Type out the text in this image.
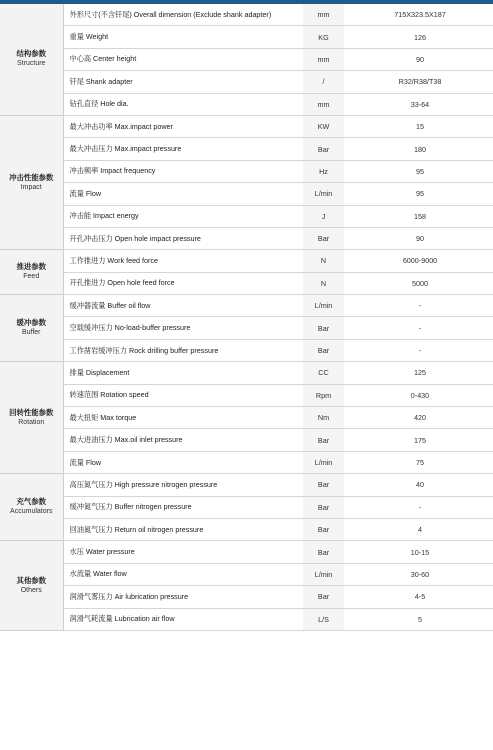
结构参数
Structure	外形尺寸(不含钎尾) Overall dimension (Exclude shank adapter)	mm		715X323.5X187
	重量 Weight	KG		126
	中心高 Center height	mm		90
	钎尾 Shank adapter	/		R32/R38/T38
	钻孔直径 Hole dia.	mm		33-64

冲击性能参数
Impact	最大冲击功率 Max.impact power	KW		15
	最大冲击压力 Max.impact pressure	Bar		180
	冲击频率 Impact frequency	Hz		95
	流量 Flow	L/min		95
	冲击能 Impact energy	J		158
	开孔冲击压力 Open hole impact pressure	Bar		90

推进参数
Feed	工作推进力 Work feed force	N		6000-9000
	开孔推进力 Open hole feed force	N		5000

缓冲参数
Buffer	缓冲器流量 Buffer oil flow	L/min		-
	空载缓冲压力 No-load-buffer pressure	Bar		-
	工作凿岩缓冲压力 Rock drilling buffer pressure	Bar		-

回转性能参数
Rotation	排量 Displacement	CC		125
	转速范围 Rotation speed	Rpm		0-430
	最大扭矩 Max torque	Nm		420
	最大进油压力 Max.oil inlet pressure	Bar		175
	流量 Flow	L/min		75

充气参数
Accumulators	高压氮气压力 High pressure nitrogen pressure	Bar		40
	缓冲氮气压力 Buffer nitrogen pressure	Bar		-
	回油氮气压力 Return oil nitrogen pressure	Bar		4

其他参数
Others	水压 Water pressure	Bar		10-15
	水流量 Water flow	L/min		30-60
	润滑气雾压力 Air lubrication pressure	Bar		4-5
	润滑气耗流量 Lubrication air flow	L/S		5
